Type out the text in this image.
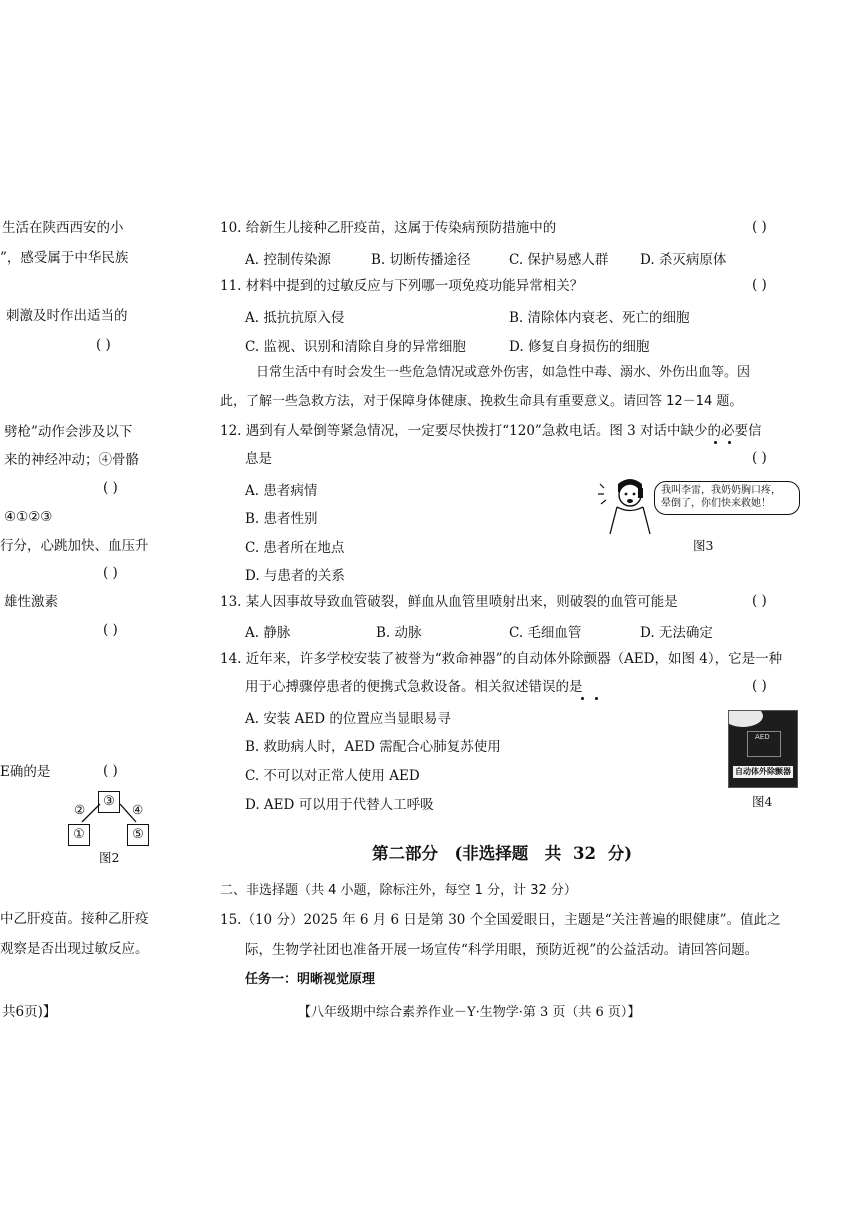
生活在陕西西安的小
”，感受属于中华民族
刺激及时作出适当的
( )
劈枪”动作会涉及以下
来的神经冲动；④骨骼
( )
④①②③
行分，心跳加快、血压升
( )
雄性激素
( )
E确的是	( )
③
①	⑤
②	④
图2
中乙肝疫苗。接种乙肝疫
观察是否出现过敏反应。
共6页)】
10. 给新生儿接种乙肝疫苗，这属于传染病预防措施中的	( )
A. 控制传染源	B. 切断传播途径	C. 保护易感人群 D. 杀灭病原体
11. 材料中提到的过敏反应与下列哪一项免疫功能异常相关？	( )
A. 抵抗抗原入侵	B. 清除体内衰老、死亡的细胞
C. 监视、识别和清除自身的异常细胞	D. 修复自身损伤的细胞
日常生活中有时会发生一些危急情况或意外伤害，如急性中毒、溺水、外伤出血等。因
此，了解一些急救方法，对于保障身体健康、挽救生命具有重要意义。请回答 12－14 题。
12. 遇到有人晕倒等紧急情况，一定要尽快拨打“120”急救电话。图 3 对话中缺少的必要信
息是	( )
A. 患者病情
B. 患者性别
C. 患者所在地点
D. 与患者的关系
我叫李雷，我奶奶胸口疼，
晕倒了，你们快来救她！
图3
13. 某人因事故导致血管破裂，鲜血从血管里喷射出来，则破裂的血管可能是	( )
A. 静脉	B. 动脉	C. 毛细血管	D. 无法确定
14. 近年来，许多学校安装了被誉为“救命神器”的自动体外除颤器（AED，如图 4），它是一种
用于心搏骤停患者的便携式急救设备。相关叙述错误的是	( )
A. 安装 AED 的位置应当显眼易寻
B. 救助病人时，AED 需配合心肺复苏使用
C. 不可以对正常人使用 AED
D. AED 可以用于代替人工呼吸
AED
自动体外除颤器
图4
第二部分　(非选择题　共 32 分)
二、非选择题（共 4 小题，除标注外，每空 1 分，计 32 分）
15.（10 分）2025 年 6 月 6 日是第 30 个全国爱眼日，主题是“关注普遍的眼健康”。值此之
际，生物学社团也准备开展一场宣传“科学用眼，预防近视”的公益活动。请回答问题。
任务一：明晰视觉原理
【八年级期中综合素养作业－Y·生物学·第 3 页（共 6 页）】
